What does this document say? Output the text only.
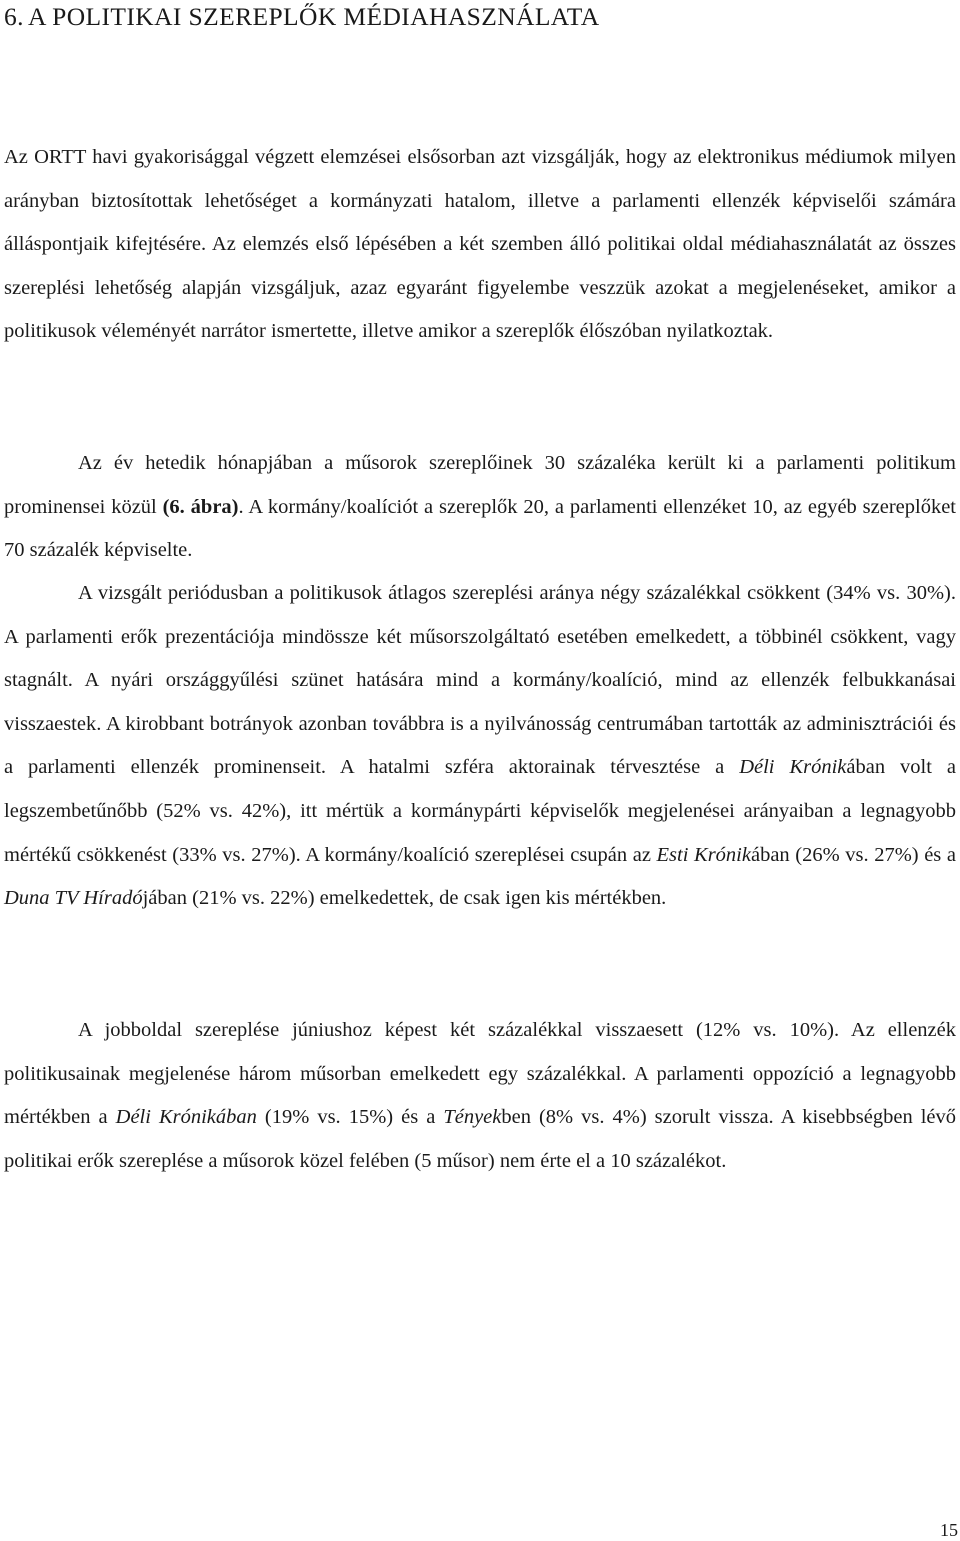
6. A POLITIKAI SZEREPLŐK MÉDIAHASZNÁLATA

Az ORTT havi gyakorisággal végzett elemzései elsősorban azt vizsgálják, hogy az elektronikus médiumok milyen arányban biztosítottak lehetőséget a kormányzati hatalom, illetve a parlamenti ellenzék képviselői számára álláspontjaik kifejtésére. Az elemzés első lépésében a két szemben álló politikai oldal médiahasználatát az összes szereplési lehetőség alapján vizsgáljuk, azaz egyaránt figyelembe veszzük azokat a megjelenéseket, amikor a politikusok véleményét narrátor ismertette, illetve amikor a szereplők élőszóban nyilatkoztak.

Az év hetedik hónapjában a műsorok szereplőinek 30 százaléka került ki a parlamenti politikum prominensei közül (6. ábra). A kormány/koalíciót a szereplők 20, a parlamenti ellenzéket 10, az egyéb szereplőket 70 százalék képviselte.

A vizsgált periódusban a politikusok átlagos szereplési aránya négy százalékkal csökkent (34% vs. 30%). A parlamenti erők prezentációja mindössze két műsorszolgáltató esetében emelkedett, a többinél csökkent, vagy stagnált. A nyári országgyűlési szünet hatására mind a kormány/koalíció, mind az ellenzék felbukkanásai visszaestek. A kirobbant botrányok azonban továbbra is a nyilvánosság centrumában tartották az adminisztrációi és a parlamenti ellenzék prominenseit. A hatalmi szféra aktorainak térvesztése a Déli Krónikában volt a legszembetűnőbb (52% vs. 42%), itt mértük a kormánypárti képviselők megjelenései arányaiban a legnagyobb mértékű csökkenést (33% vs. 27%). A kormány/koalíció szereplései csupán az Esti Krónikában (26% vs. 27%) és a Duna TV Híradójában (21% vs. 22%) emelkedettek, de csak igen kis mértékben.

A jobboldal szereplése júniushoz képest két százalékkal visszaesett (12% vs. 10%). Az ellenzék politikusainak megjelenése három műsorban emelkedett egy százalékkal. A parlamenti oppozíció a legnagyobb mértékben a Déli Krónikában (19% vs. 15%) és a Tényekben (8% vs. 4%) szorult vissza. A kisebbségben lévő politikai erők szereplése a műsorok közel felében (5 műsor) nem érte el a 10 százalékot.

15
